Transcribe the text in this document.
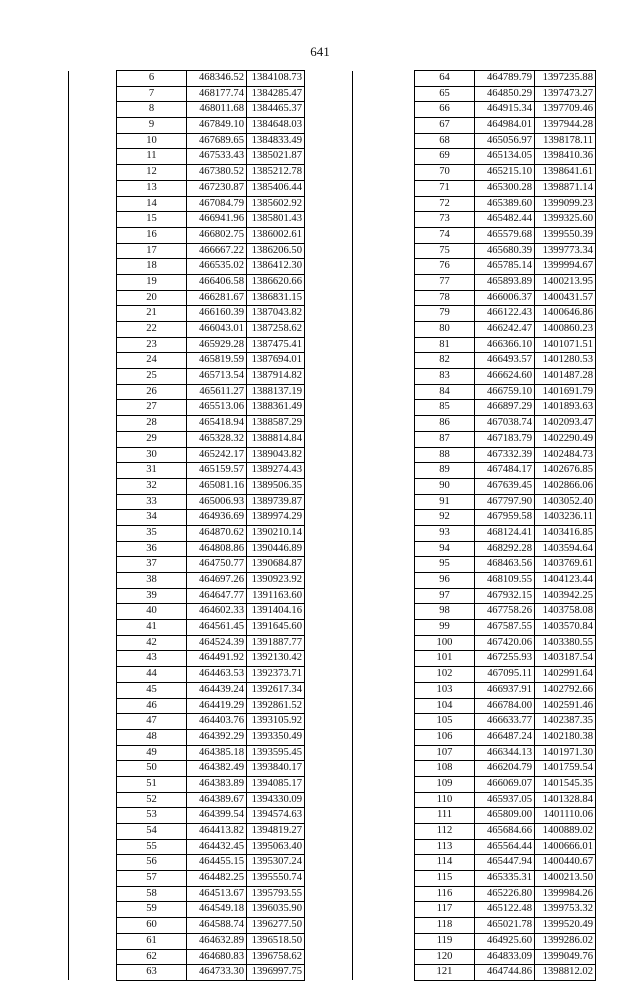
641
	6	468346.52	1384108.73
	7	468177.74	1384285.47
	8	468011.68	1384465.37
	9	467849.10	1384648.03
	10	467689.65	1384833.49
	11	467533.43	1385021.87
	12	467380.52	1385212.78
	13	467230.87	1385406.44
	14	467084.79	1385602.92
	15	466941.96	1385801.43
	16	466802.75	1386002.61
	17	466667.22	1386206.50
	18	466535.02	1386412.30
	19	466406.58	1386620.66
	20	466281.67	1386831.15
	21	466160.39	1387043.82
	22	466043.01	1387258.62
	23	465929.28	1387475.41
	24	465819.59	1387694.01
	25	465713.54	1387914.82
	26	465611.27	1388137.19
	27	465513.06	1388361.49
	28	465418.94	1388587.29
	29	465328.32	1388814.84
	30	465242.17	1389043.82
	31	465159.57	1389274.43
	32	465081.16	1389506.35
	33	465006.93	1389739.87
	34	464936.69	1389974.29
	35	464870.62	1390210.14
	36	464808.86	1390446.89
	37	464750.77	1390684.87
	38	464697.26	1390923.92
	39	464647.77	1391163.60
	40	464602.33	1391404.16
	41	464561.45	1391645.60
	42	464524.39	1391887.77
	43	464491.92	1392130.42
	44	464463.53	1392373.71
	45	464439.24	1392617.34
	46	464419.29	1392861.52
	47	464403.76	1393105.92
	48	464392.29	1393350.49
	49	464385.18	1393595.45
	50	464382.49	1393840.17
	51	464383.89	1394085.17
	52	464389.67	1394330.09
	53	464399.54	1394574.63
	54	464413.82	1394819.27
	55	464432.45	1395063.40
	56	464455.15	1395307.24
	57	464482.25	1395550.74
	58	464513.67	1395793.55
	59	464549.18	1396035.90
	60	464588.74	1396277.50
	61	464632.89	1396518.50
	62	464680.83	1396758.62
	63	464733.30	1396997.75
	64	464789.79	1397235.88
	65	464850.29	1397473.27
	66	464915.34	1397709.46
	67	464984.01	1397944.28
	68	465056.97	1398178.11
	69	465134.05	1398410.36
	70	465215.10	1398641.61
	71	465300.28	1398871.14
	72	465389.60	1399099.23
	73	465482.44	1399325.60
	74	465579.68	1399550.39
	75	465680.39	1399773.34
	76	465785.14	1399994.67
	77	465893.89	1400213.95
	78	466006.37	1400431.57
	79	466122.43	1400646.86
	80	466242.47	1400860.23
	81	466366.10	1401071.51
	82	466493.57	1401280.53
	83	466624.60	1401487.28
	84	466759.10	1401691.79
	85	466897.29	1401893.63
	86	467038.74	1402093.47
	87	467183.79	1402290.49
	88	467332.39	1402484.73
	89	467484.17	1402676.85
	90	467639.45	1402866.06
	91	467797.90	1403052.40
	92	467959.58	1403236.11
	93	468124.41	1403416.85
	94	468292.28	1403594.64
	95	468463.56	1403769.61
	96	468109.55	1404123.44
	97	467932.15	1403942.25
	98	467758.26	1403758.08
	99	467587.55	1403570.84
	100	467420.06	1403380.55
	101	467255.93	1403187.54
	102	467095.11	1402991.64
	103	466937.91	1402792.66
	104	466784.00	1402591.46
	105	466633.77	1402387.35
	106	466487.24	1402180.38
	107	466344.13	1401971.30
	108	466204.79	1401759.54
	109	466069.07	1401545.35
	110	465937.05	1401328.84
	111	465809.00	1401110.06
	112	465684.66	1400889.02
	113	465564.44	1400666.01
	114	465447.94	1400440.67
	115	465335.31	1400213.50
	116	465226.80	1399984.26
	117	465122.48	1399753.32
	118	465021.78	1399520.49
	119	464925.60	1399286.02
	120	464833.09	1399049.76
	121	464744.86	1398812.02
